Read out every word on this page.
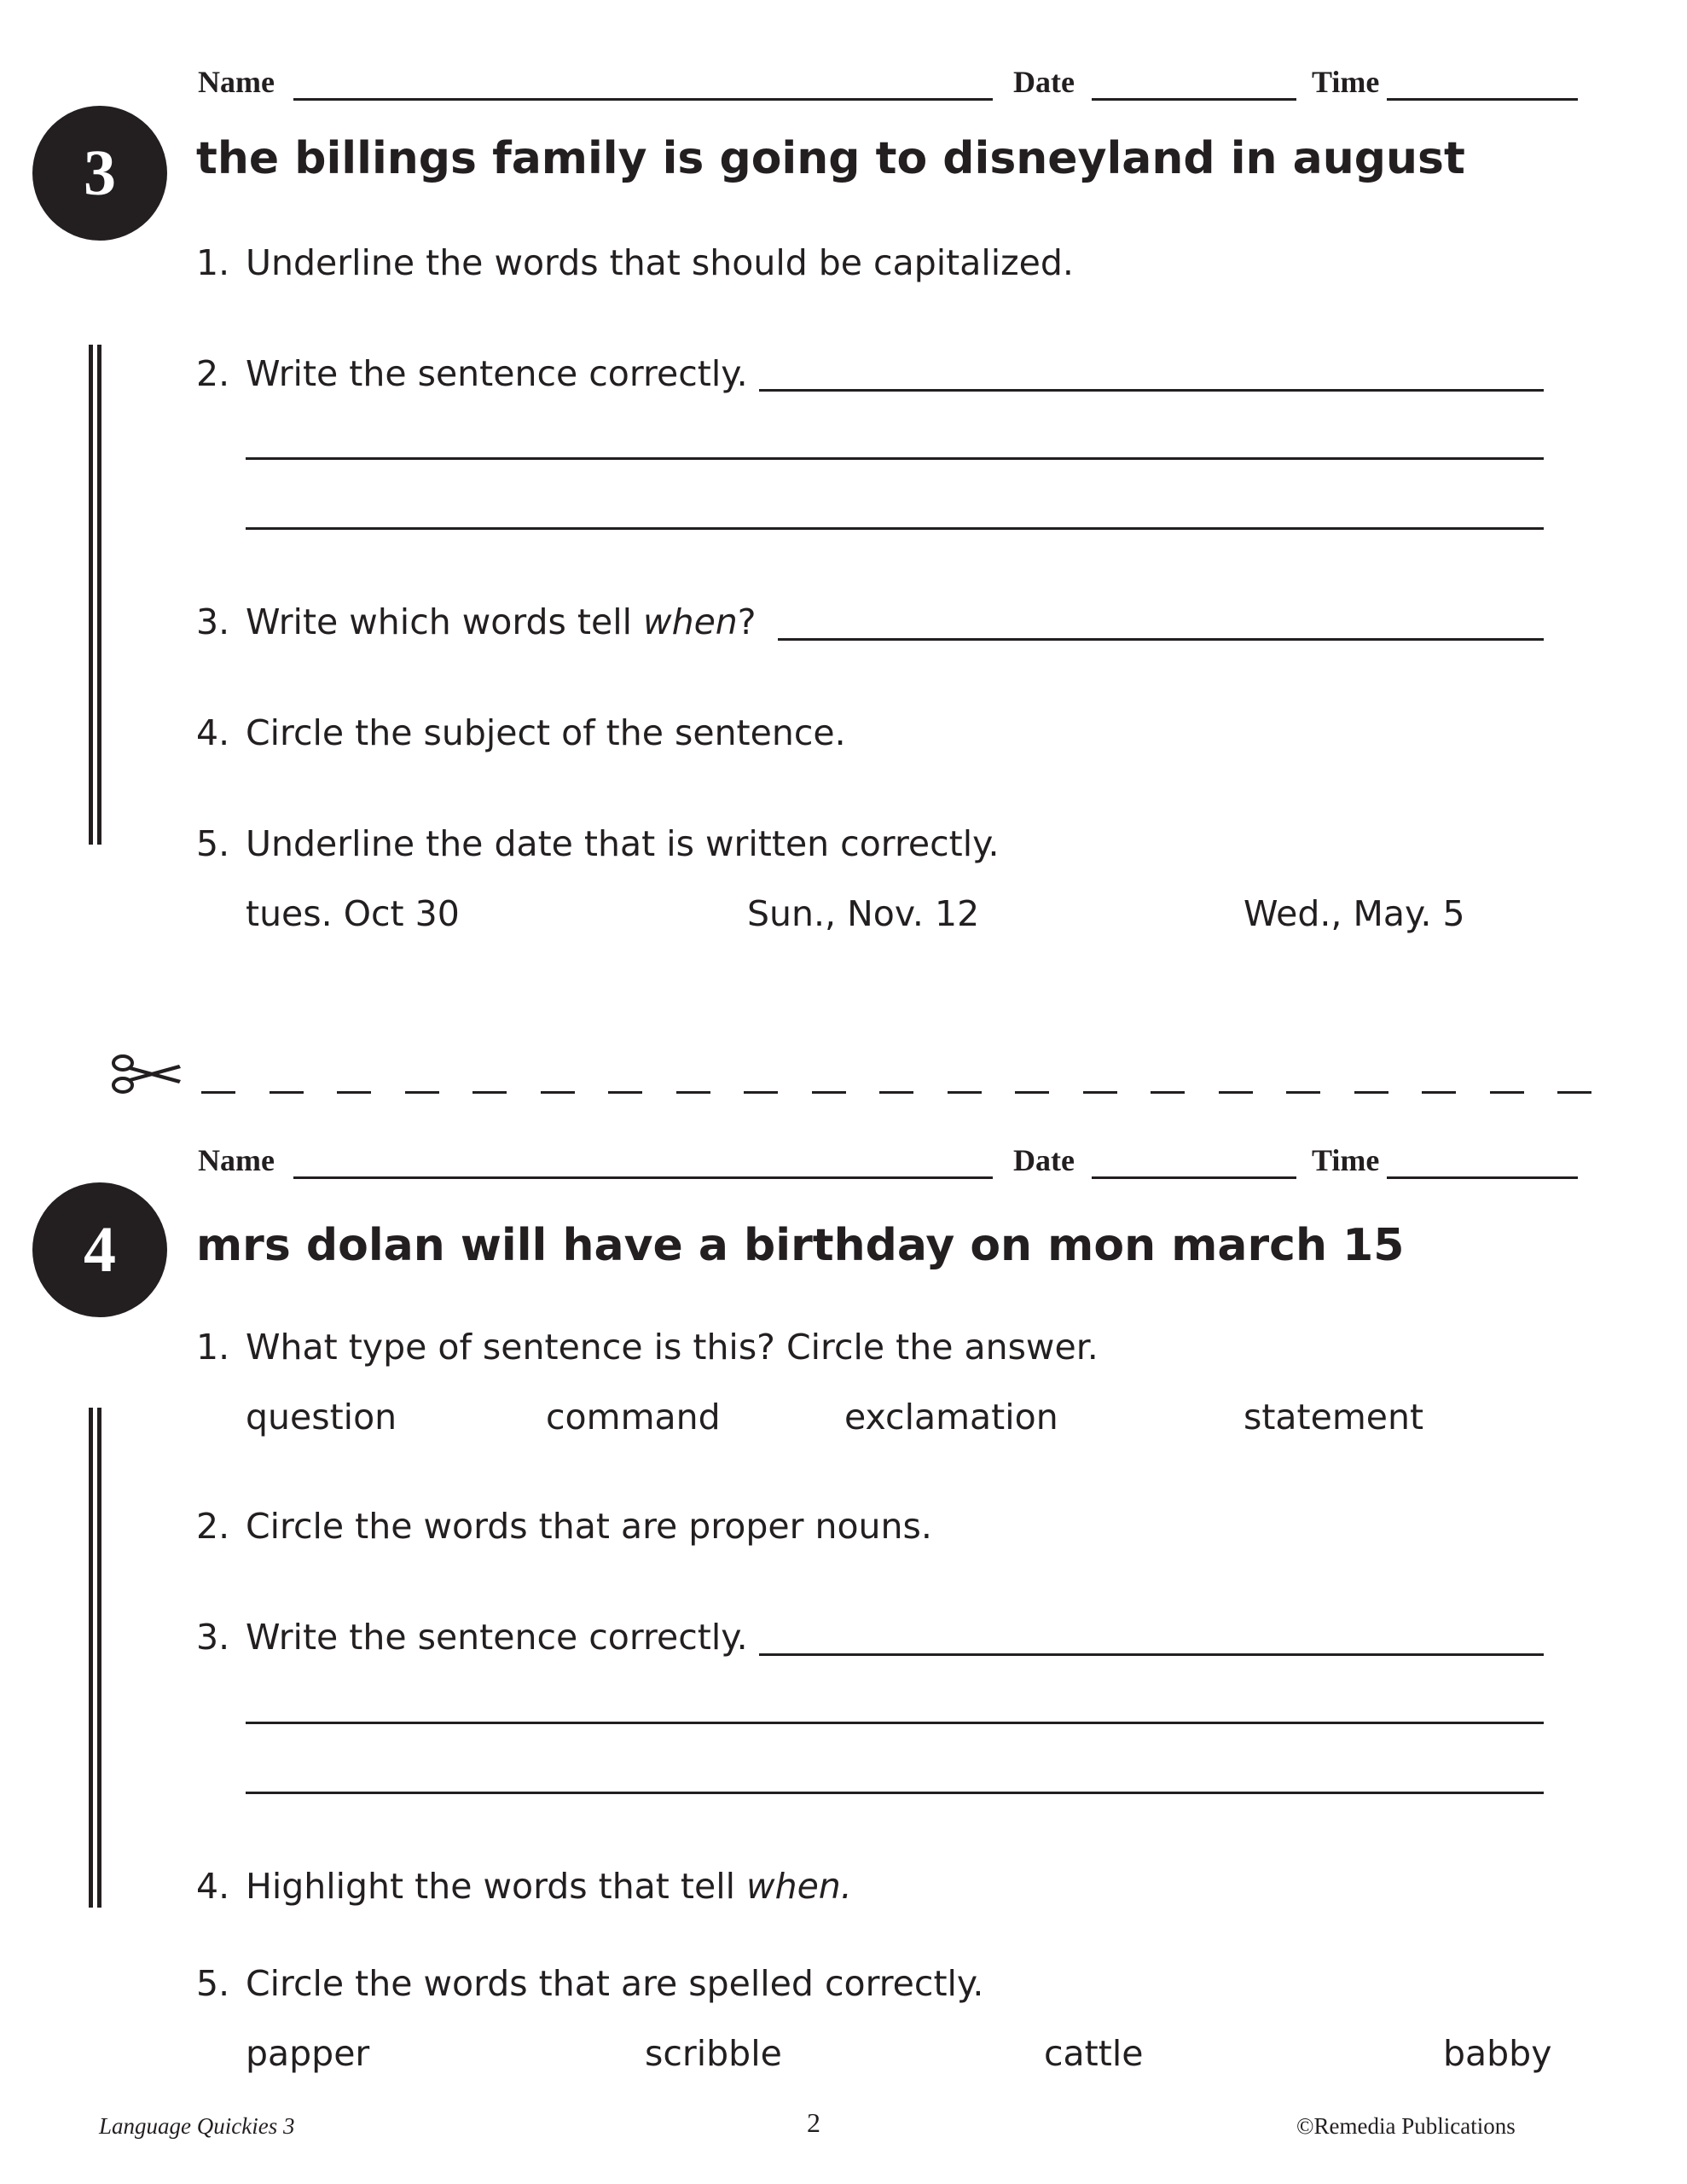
Name	Date	Time
3	the billings family is going to disneyland in august
1. Underline the words that should be capitalized.
2. Write the sentence correctly.
3. Write which words tell when?
4. Circle the subject of the sentence.
5. Underline the date that is written correctly.
tues. Oct 30	Sun., Nov. 12	Wed., May. 5
Name	Date	Time
4	mrs dolan will have a birthday on mon march 15
1. What type of sentence is this? Circle the answer.
question	command	exclamation	statement
2. Circle the words that are proper nouns.
3. Write the sentence correctly.
4. Highlight the words that tell when.
5. Circle the words that are spelled correctly.
papper	scribble	cattle	babby
Language Quickies 3	2	©Remedia Publications
